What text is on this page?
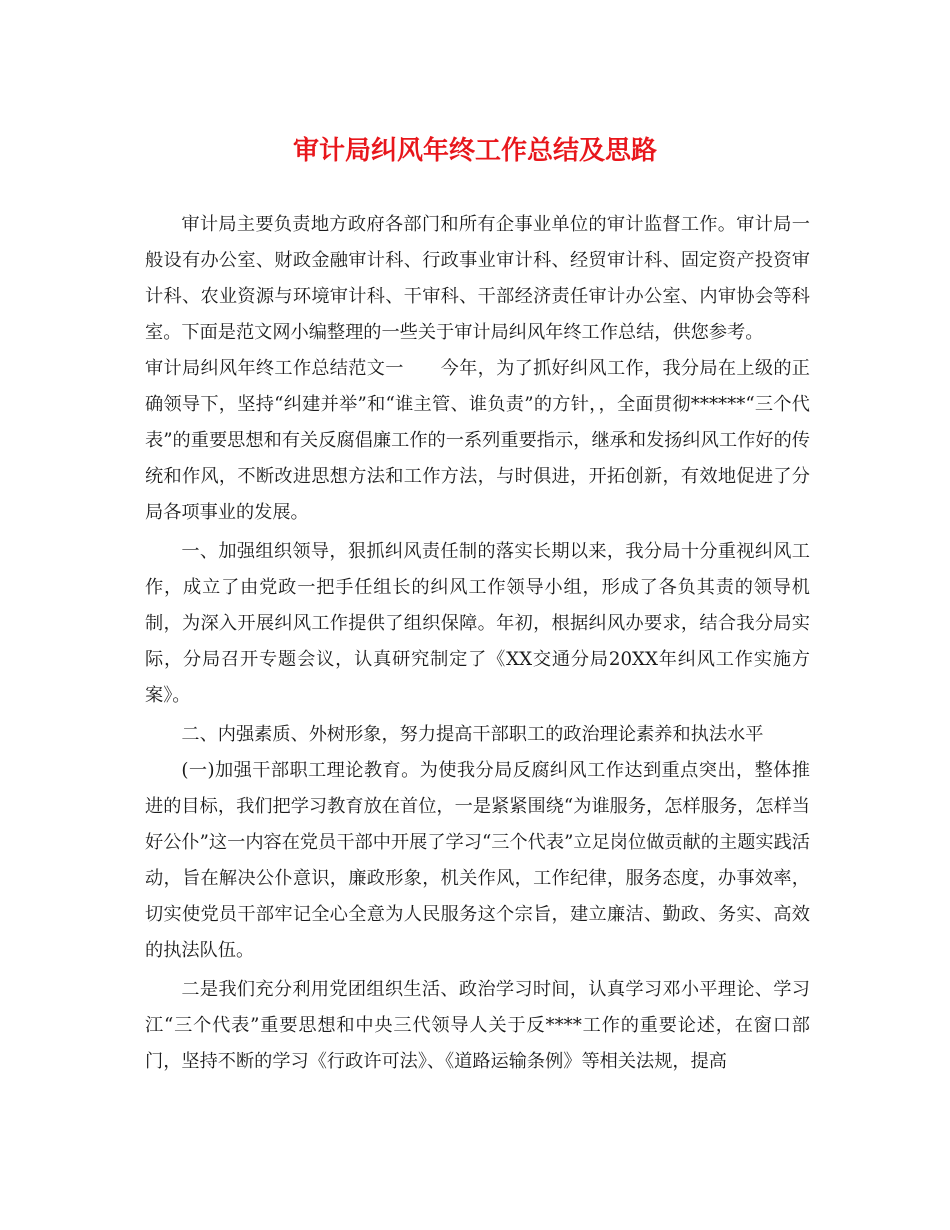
审计局纠风年终工作总结及思路

审计局主要负责地方政府各部门和所有企事业单位的审计监督工作。审计局一般设有办公室、财政金融审计科、行政事业审计科、经贸审计科、固定资产投资审计科、农业资源与环境审计科、干审科、干部经济责任审计办公室、内审协会等科室。下面是范文网小编整理的一些关于审计局纠风年终工作总结，供您参考。

审计局纠风年终工作总结范文一　　今年，为了抓好纠风工作，我分局在上级的正确领导下，坚持“纠建并举”和“谁主管、谁负责”的方针，，全面贯彻******“三个代表”的重要思想和有关反腐倡廉工作的一系列重要指示，继承和发扬纠风工作好的传统和作风，不断改进思想方法和工作方法，与时俱进，开拓创新，有效地促进了分局各项事业的发展。

一、加强组织领导，狠抓纠风责任制的落实长期以来，我分局十分重视纠风工作，成立了由党政一把手任组长的纠风工作领导小组，形成了各负其责的领导机制，为深入开展纠风工作提供了组织保障。年初，根据纠风办要求，结合我分局实际，分局召开专题会议，认真研究制定了《XX交通分局20XX年纠风工作实施方案》。

二、内强素质、外树形象，努力提高干部职工的政治理论素养和执法水平

(一)加强干部职工理论教育。为使我分局反腐纠风工作达到重点突出，整体推进的目标，我们把学习教育放在首位，一是紧紧围绕“为谁服务，怎样服务，怎样当好公仆”这一内容在党员干部中开展了学习“三个代表”立足岗位做贡献的主题实践活动，旨在解决公仆意识，廉政形象，机关作风，工作纪律，服务态度，办事效率，切实使党员干部牢记全心全意为人民服务这个宗旨，建立廉洁、勤政、务实、高效的执法队伍。

二是我们充分利用党团组织生活、政治学习时间，认真学习邓小平理论、学习江“三个代表”重要思想和中央三代领导人关于反****工作的重要论述，在窗口部门，坚持不断的学习《行政许可法》、《道路运输条例》等相关法规，提高
